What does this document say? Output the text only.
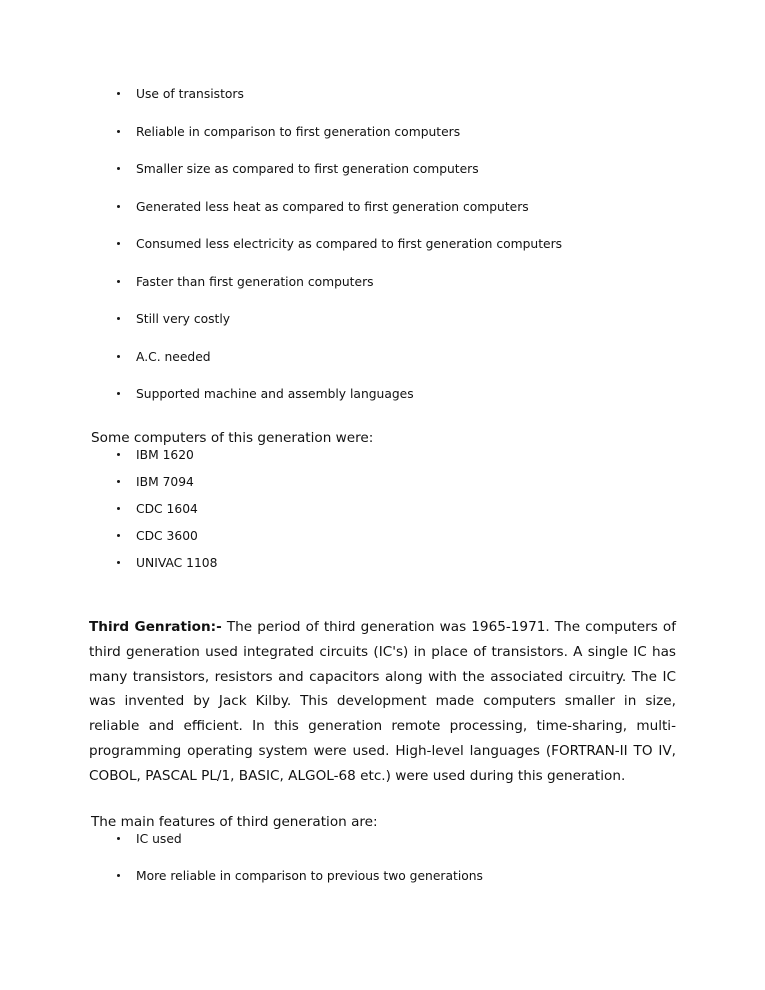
Use of transistors
Reliable in comparison to first generation computers
Smaller size as compared to first generation computers
Generated less heat as compared to first generation computers
Consumed less electricity as compared to first generation computers
Faster than first generation computers
Still very costly
A.C. needed
Supported machine and assembly languages

Some computers of this generation were:

IBM 1620
IBM 7094
CDC 1604
CDC 3600
UNIVAC 1108

Third Genration:- The period of third generation was 1965-1971. The computers of third generation used integrated circuits (IC's) in place of transistors. A single IC has many transistors, resistors and capacitors along with the associated circuitry. The IC was invented by Jack Kilby. This development made computers smaller in size, reliable and efficient. In this generation remote processing, time-sharing, multi-programming operating system were used. High-level languages (FORTRAN-II TO IV, COBOL, PASCAL PL/1, BASIC, ALGOL-68 etc.) were used during this generation.

The main features of third generation are:

IC used
More reliable in comparison to previous two generations
